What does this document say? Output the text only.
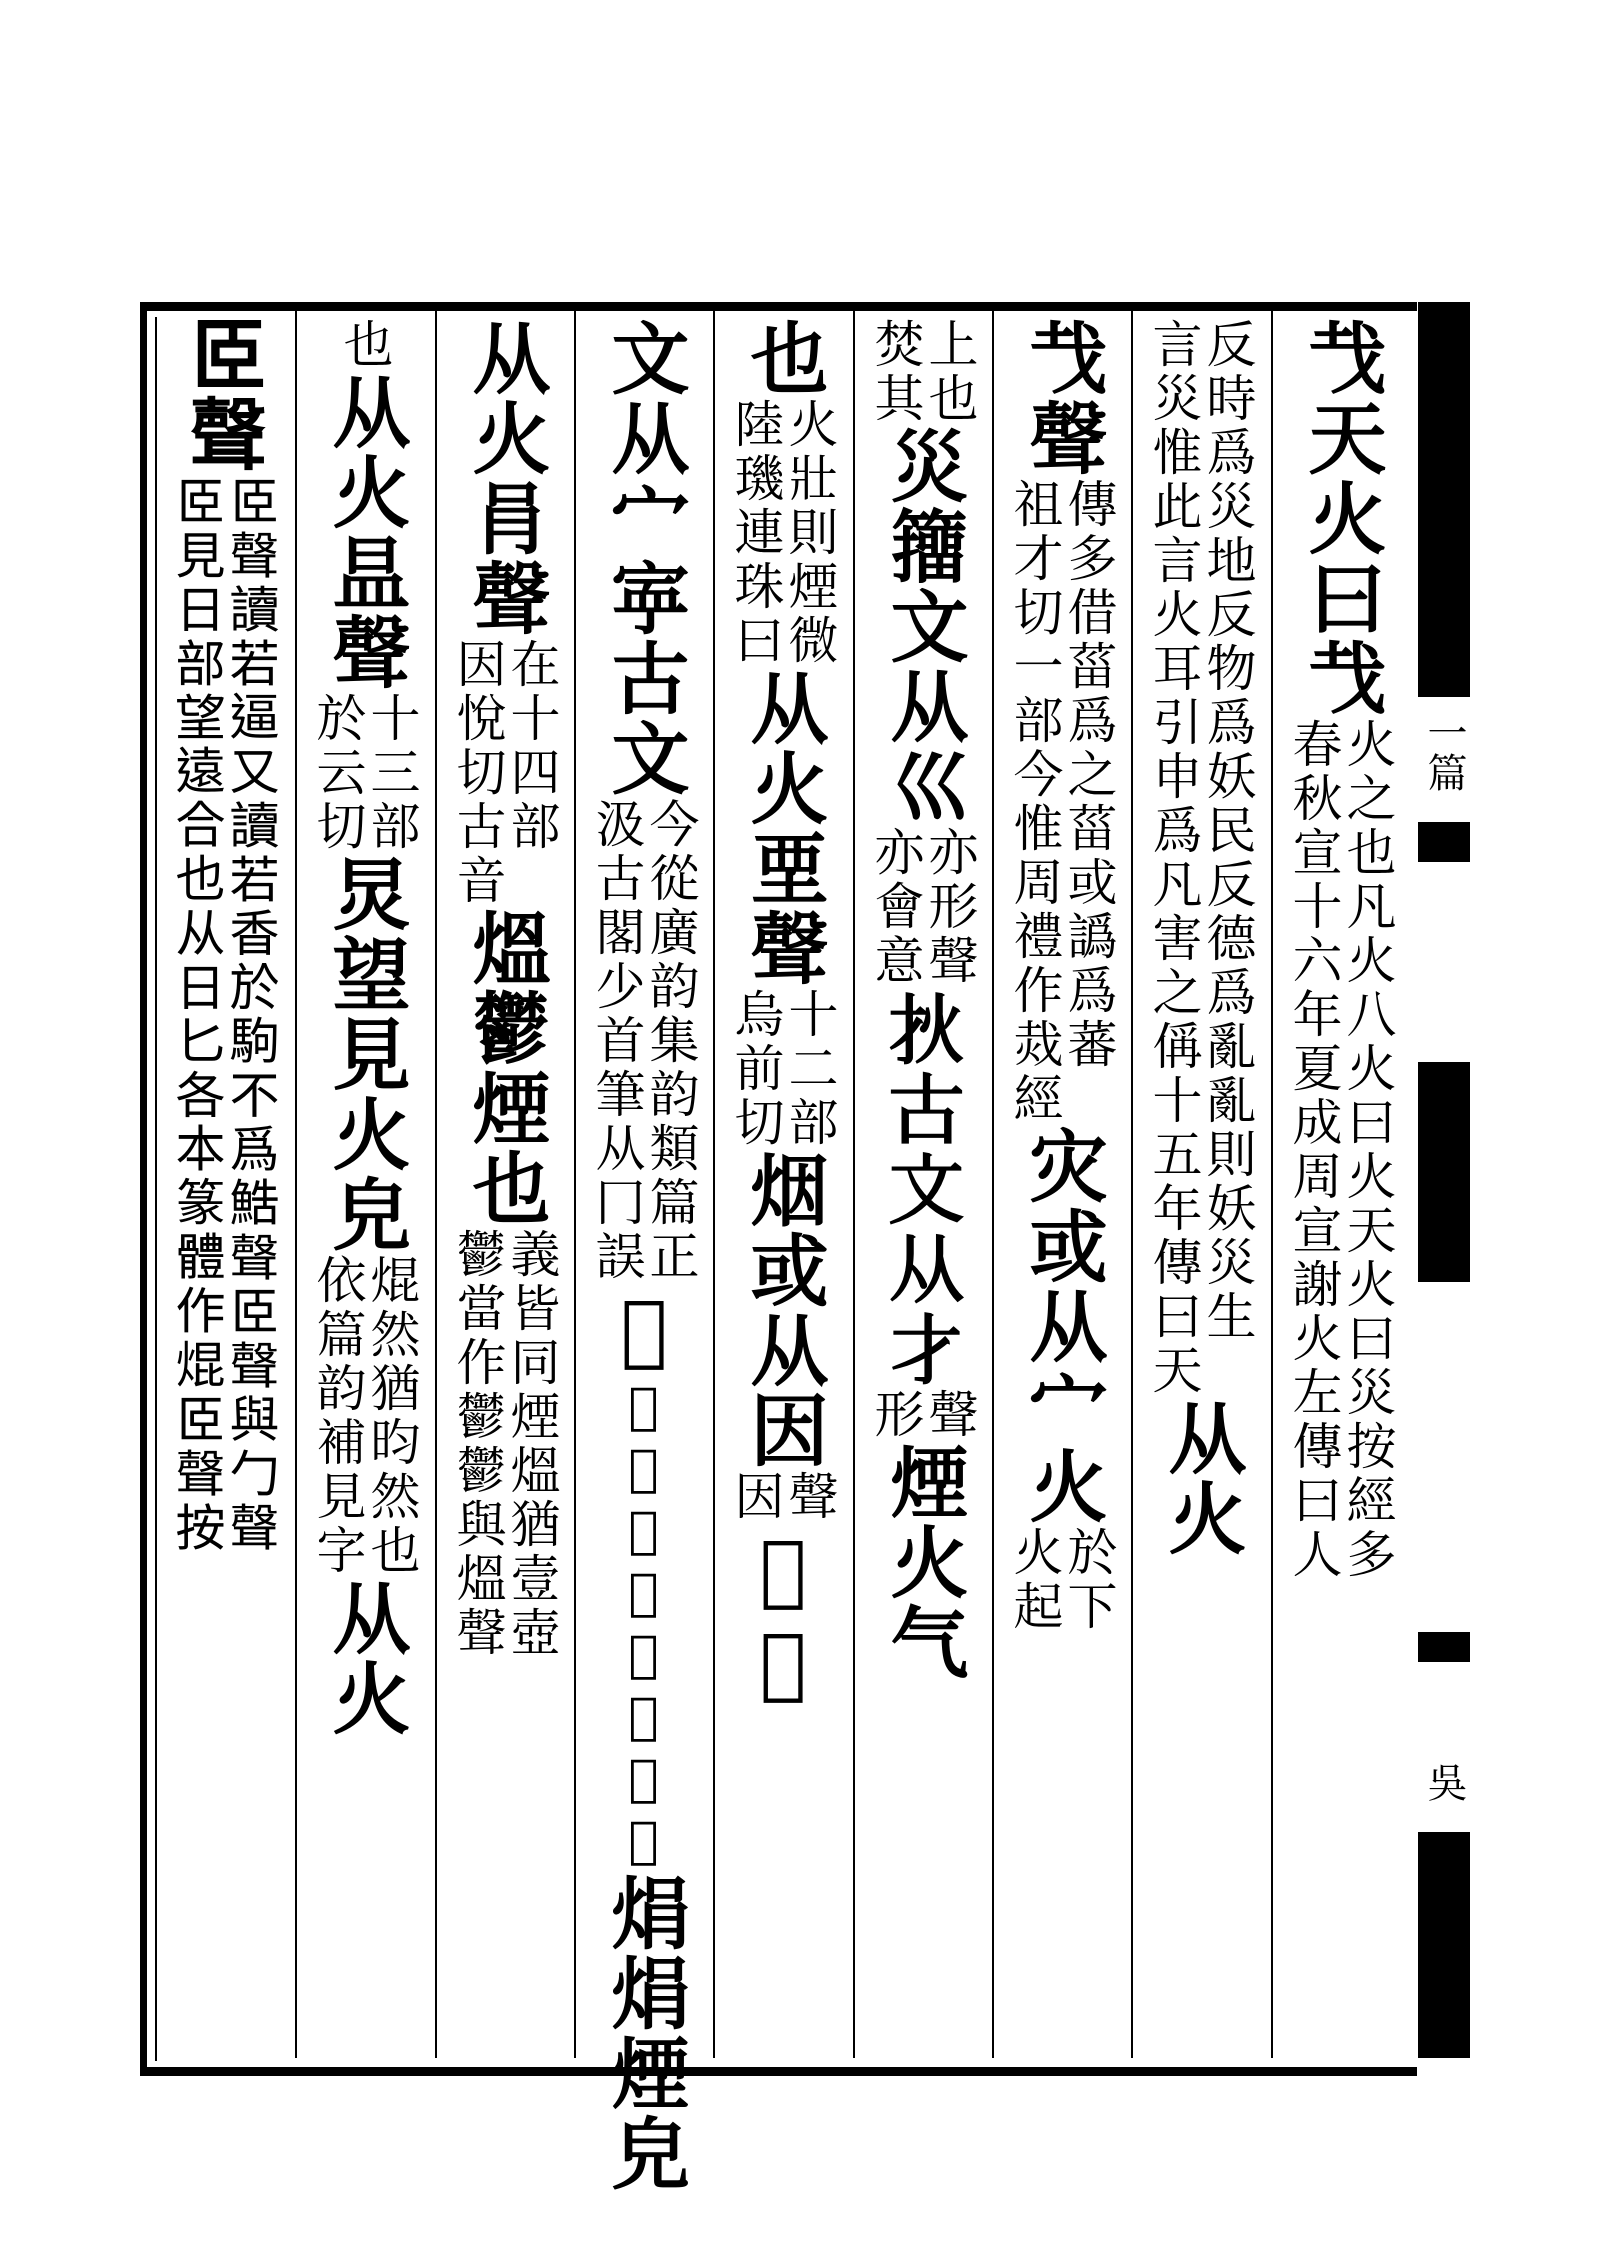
一篇
吳
𢦏天火曰𢦏
火之也凡火八火曰火天火曰災按經多
春秋宣十六年夏成周宣謝火左傳曰人
反時爲災地反物爲妖民反德爲亂亂則妖災生
言災惟此言火耳引申爲凡害之偁十五年傳曰天
从火
𢦏聲
傳多借菑爲之菑或譌爲蕃
祖才切一部今惟周禮作烖經
灾或从宀火
於下
火起
上也
焚其
災籒文从巛
亦形聲
亦會意
𤆎古文从才
聲
形
煙火气
也
火壯則煙微
陸璣連珠曰
从火垔聲
十二部
烏前切
烟或从因
聲
因
𡏿籒
文从宀
𡨴古文
今從廣韵集韵類篇正
汲古閣少首筆从冂誤
𤒎
𤒎當作鬱鬱與熅聲
焆焆煙皃
从火肙聲
在十四部
因悅切古音
熅鬱煙也
義皆同煙熅猶壹壺
鬱當作鬱鬱與熅聲
也
从火昷聲
十三部
於云切
炅望見火皃
焜然猶昀然也
依篇韵補見字
从火
𦣞聲
𦣞聲讀若逼又讀若香於駒不爲鯌聲𦣞聲與勹聲
𦣞見日部望遠合也从日匕各本篆體作焜𦣞聲按
